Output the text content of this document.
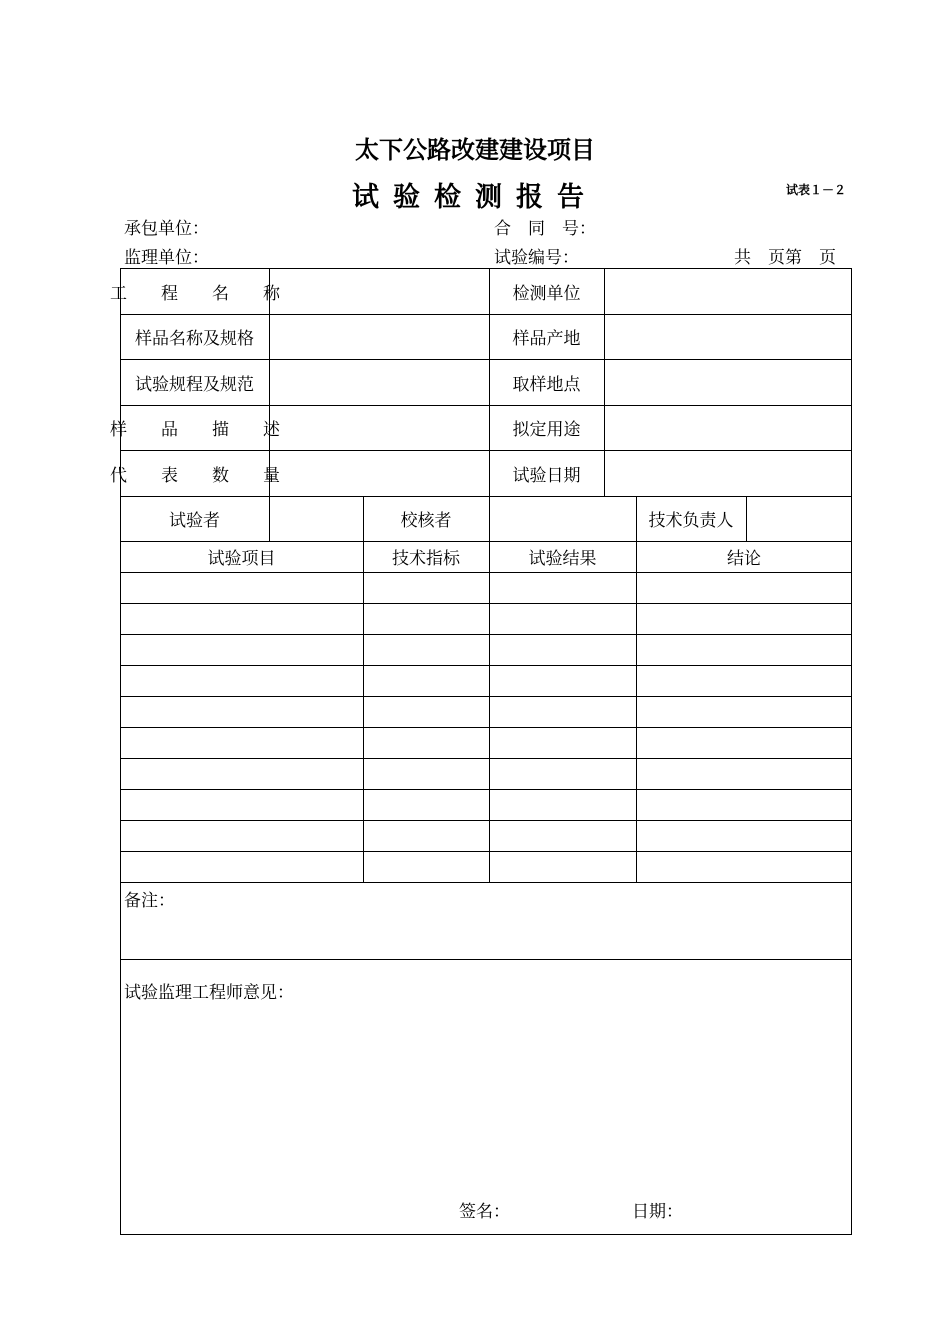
太下公路改建建设项目
试验检测报告	试表１－２
承包单位：	合　同　号：
监理单位：	试验编号：	共　页第　页
工 程 名 称	检测单位
样品名称及规格	样品产地
试验规程及规范	取样地点
样 品 描 述	拟定用途
代 表 数 量	试验日期
试验者	校核者	技术负责人
试验项目	技术指标	试验结果	结论
备注：
试验监理工程师意见：
签名：	日期：
